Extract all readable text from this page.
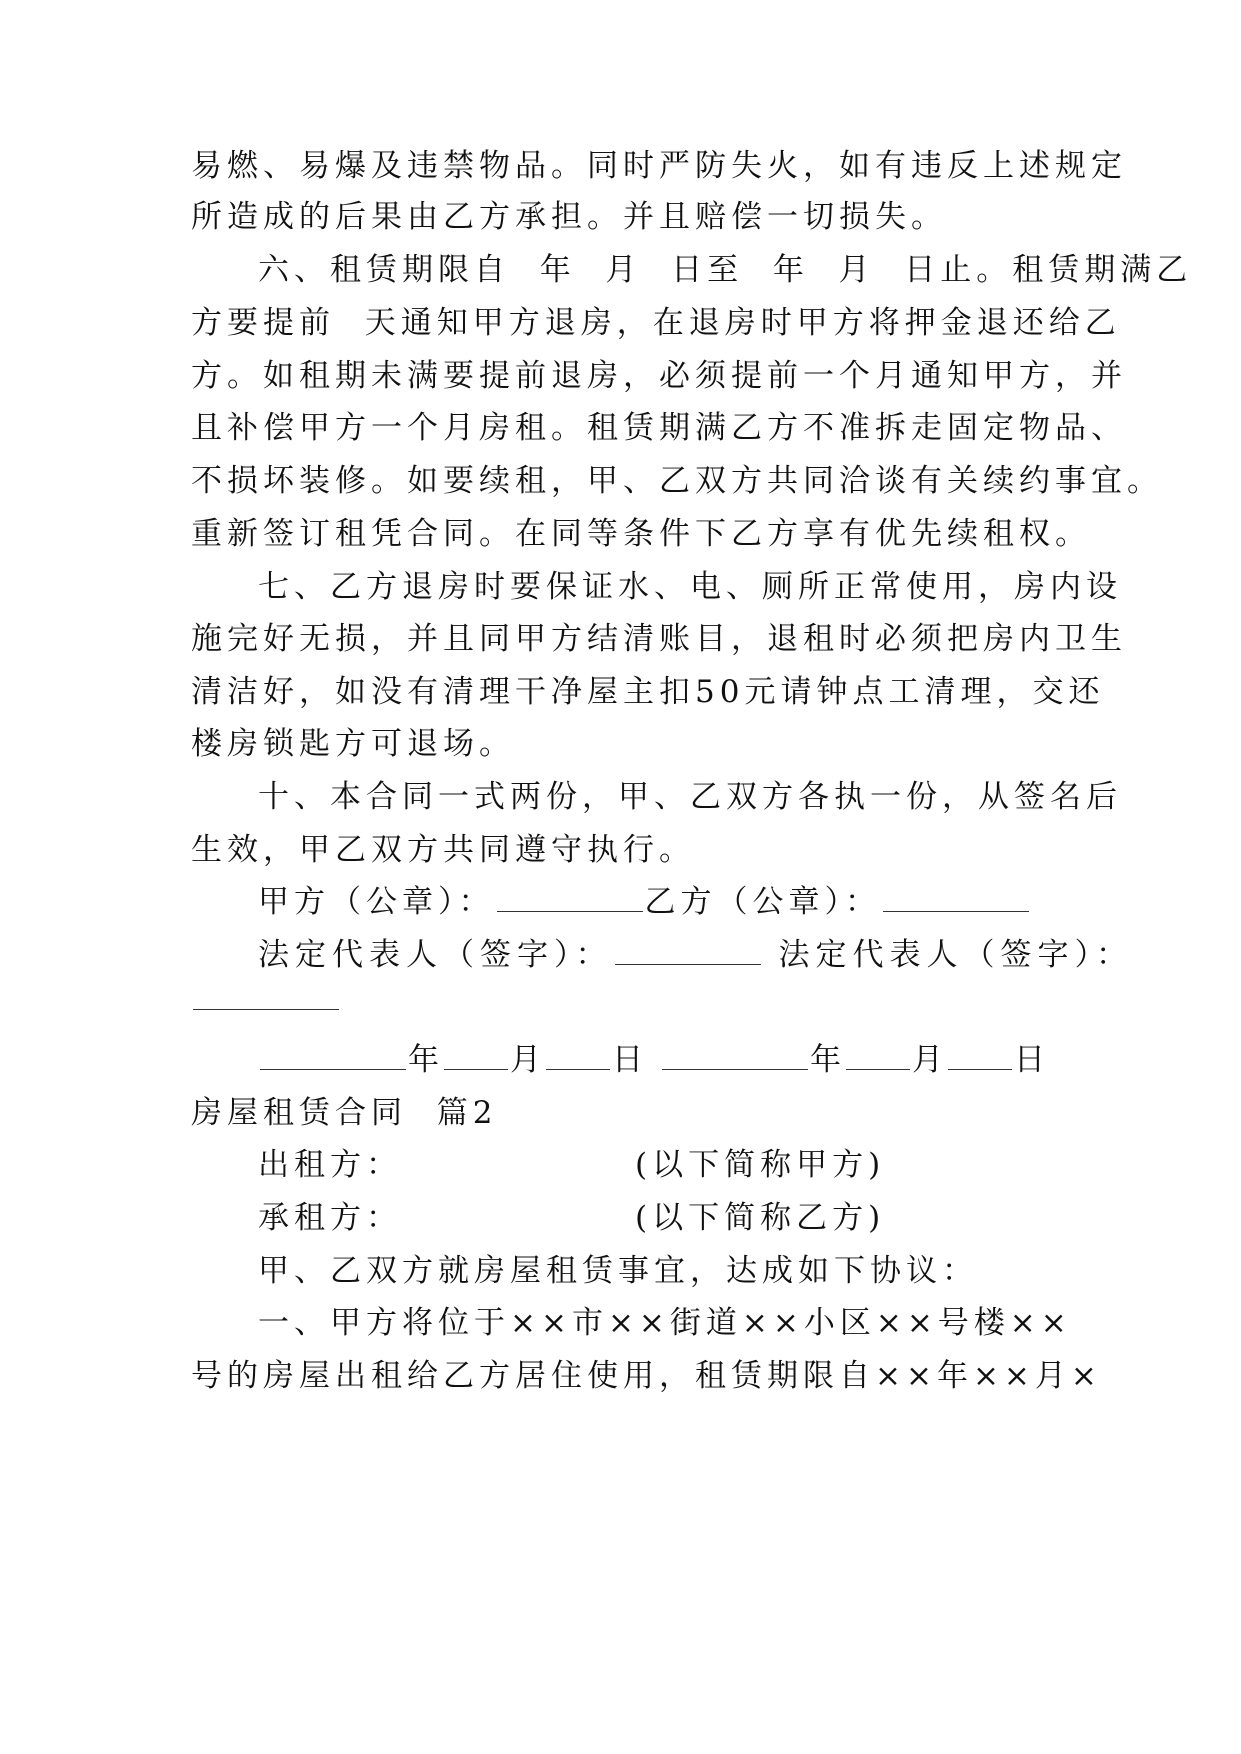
易燃、易爆及违禁物品。同时严防失火，如有违反上述规定
所造成的后果由乙方承担。并且赔偿一切损失。
六、租赁期限自  年  月  日至  年  月  日止。租赁期满乙
方要提前  天通知甲方退房，在退房时甲方将押金退还给乙
方。如租期未满要提前退房，必须提前一个月通知甲方，并
且补偿甲方一个月房租。租赁期满乙方不准拆走固定物品、
不损坏装修。如要续租，甲、乙双方共同洽谈有关续约事宜。
重新签订租凭合同。在同等条件下乙方享有优先续租权。
七、乙方退房时要保证水、电、厕所正常使用，房内设
施完好无损，并且同甲方结清账目，退租时必须把房内卫生
清洁好，如没有清理干净屋主扣50元请钟点工清理，交还
楼房锁匙方可退场。
十、本合同一式两份，甲、乙双方各执一份，从签名后
生效，甲乙双方共同遵守执行。
甲方（公章）：	乙方（公章）：
法定代表人（签字）：	法定代表人（签字）：
年 月 日	年 月 日
房屋租赁合同  篇2
出租方：	(以下简称甲方)
承租方：	(以下简称乙方)
甲、乙双方就房屋租赁事宜，达成如下协议：
一、甲方将位于××市××街道××小区××号楼××
号的房屋出租给乙方居住使用，租赁期限自××年××月×
